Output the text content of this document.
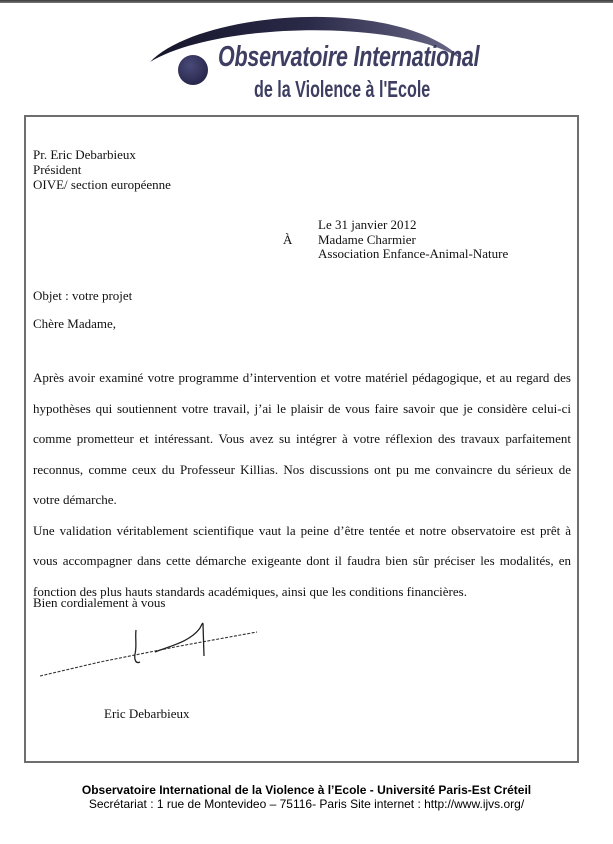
Observatoire International
de la Violence à l'Ecole
Pr. Eric Debarbieux
Président
OIVE/ section européenne
Le 31 janvier 2012
À Madame Charmier
Association Enfance-Animal-Nature
Objet : votre projet
Chère Madame,

Après avoir examiné votre programme d’intervention et votre matériel pédagogique, et au regard des hypothèses qui soutiennent votre travail, j’ai le plaisir de vous faire savoir que je considère celui-ci comme prometteur et intéressant. Vous avez su intégrer à votre réflexion des travaux parfaitement reconnus, comme ceux du Professeur Killias. Nos discussions ont pu me convaincre du sérieux de votre démarche.

Une validation véritablement scientifique vaut la peine d’être tentée et notre observatoire est prêt à vous accompagner dans cette démarche exigeante dont il faudra bien sûr préciser les modalités, en fonction des plus hauts standards académiques, ainsi que les conditions financières.

Bien cordialement à vous
Eric Debarbieux
Observatoire International de la Violence à l’Ecole - Université Paris-Est Créteil
Secrétariat : 1 rue de Montevideo – 75116- Paris Site internet : http://www.ijvs.org/
